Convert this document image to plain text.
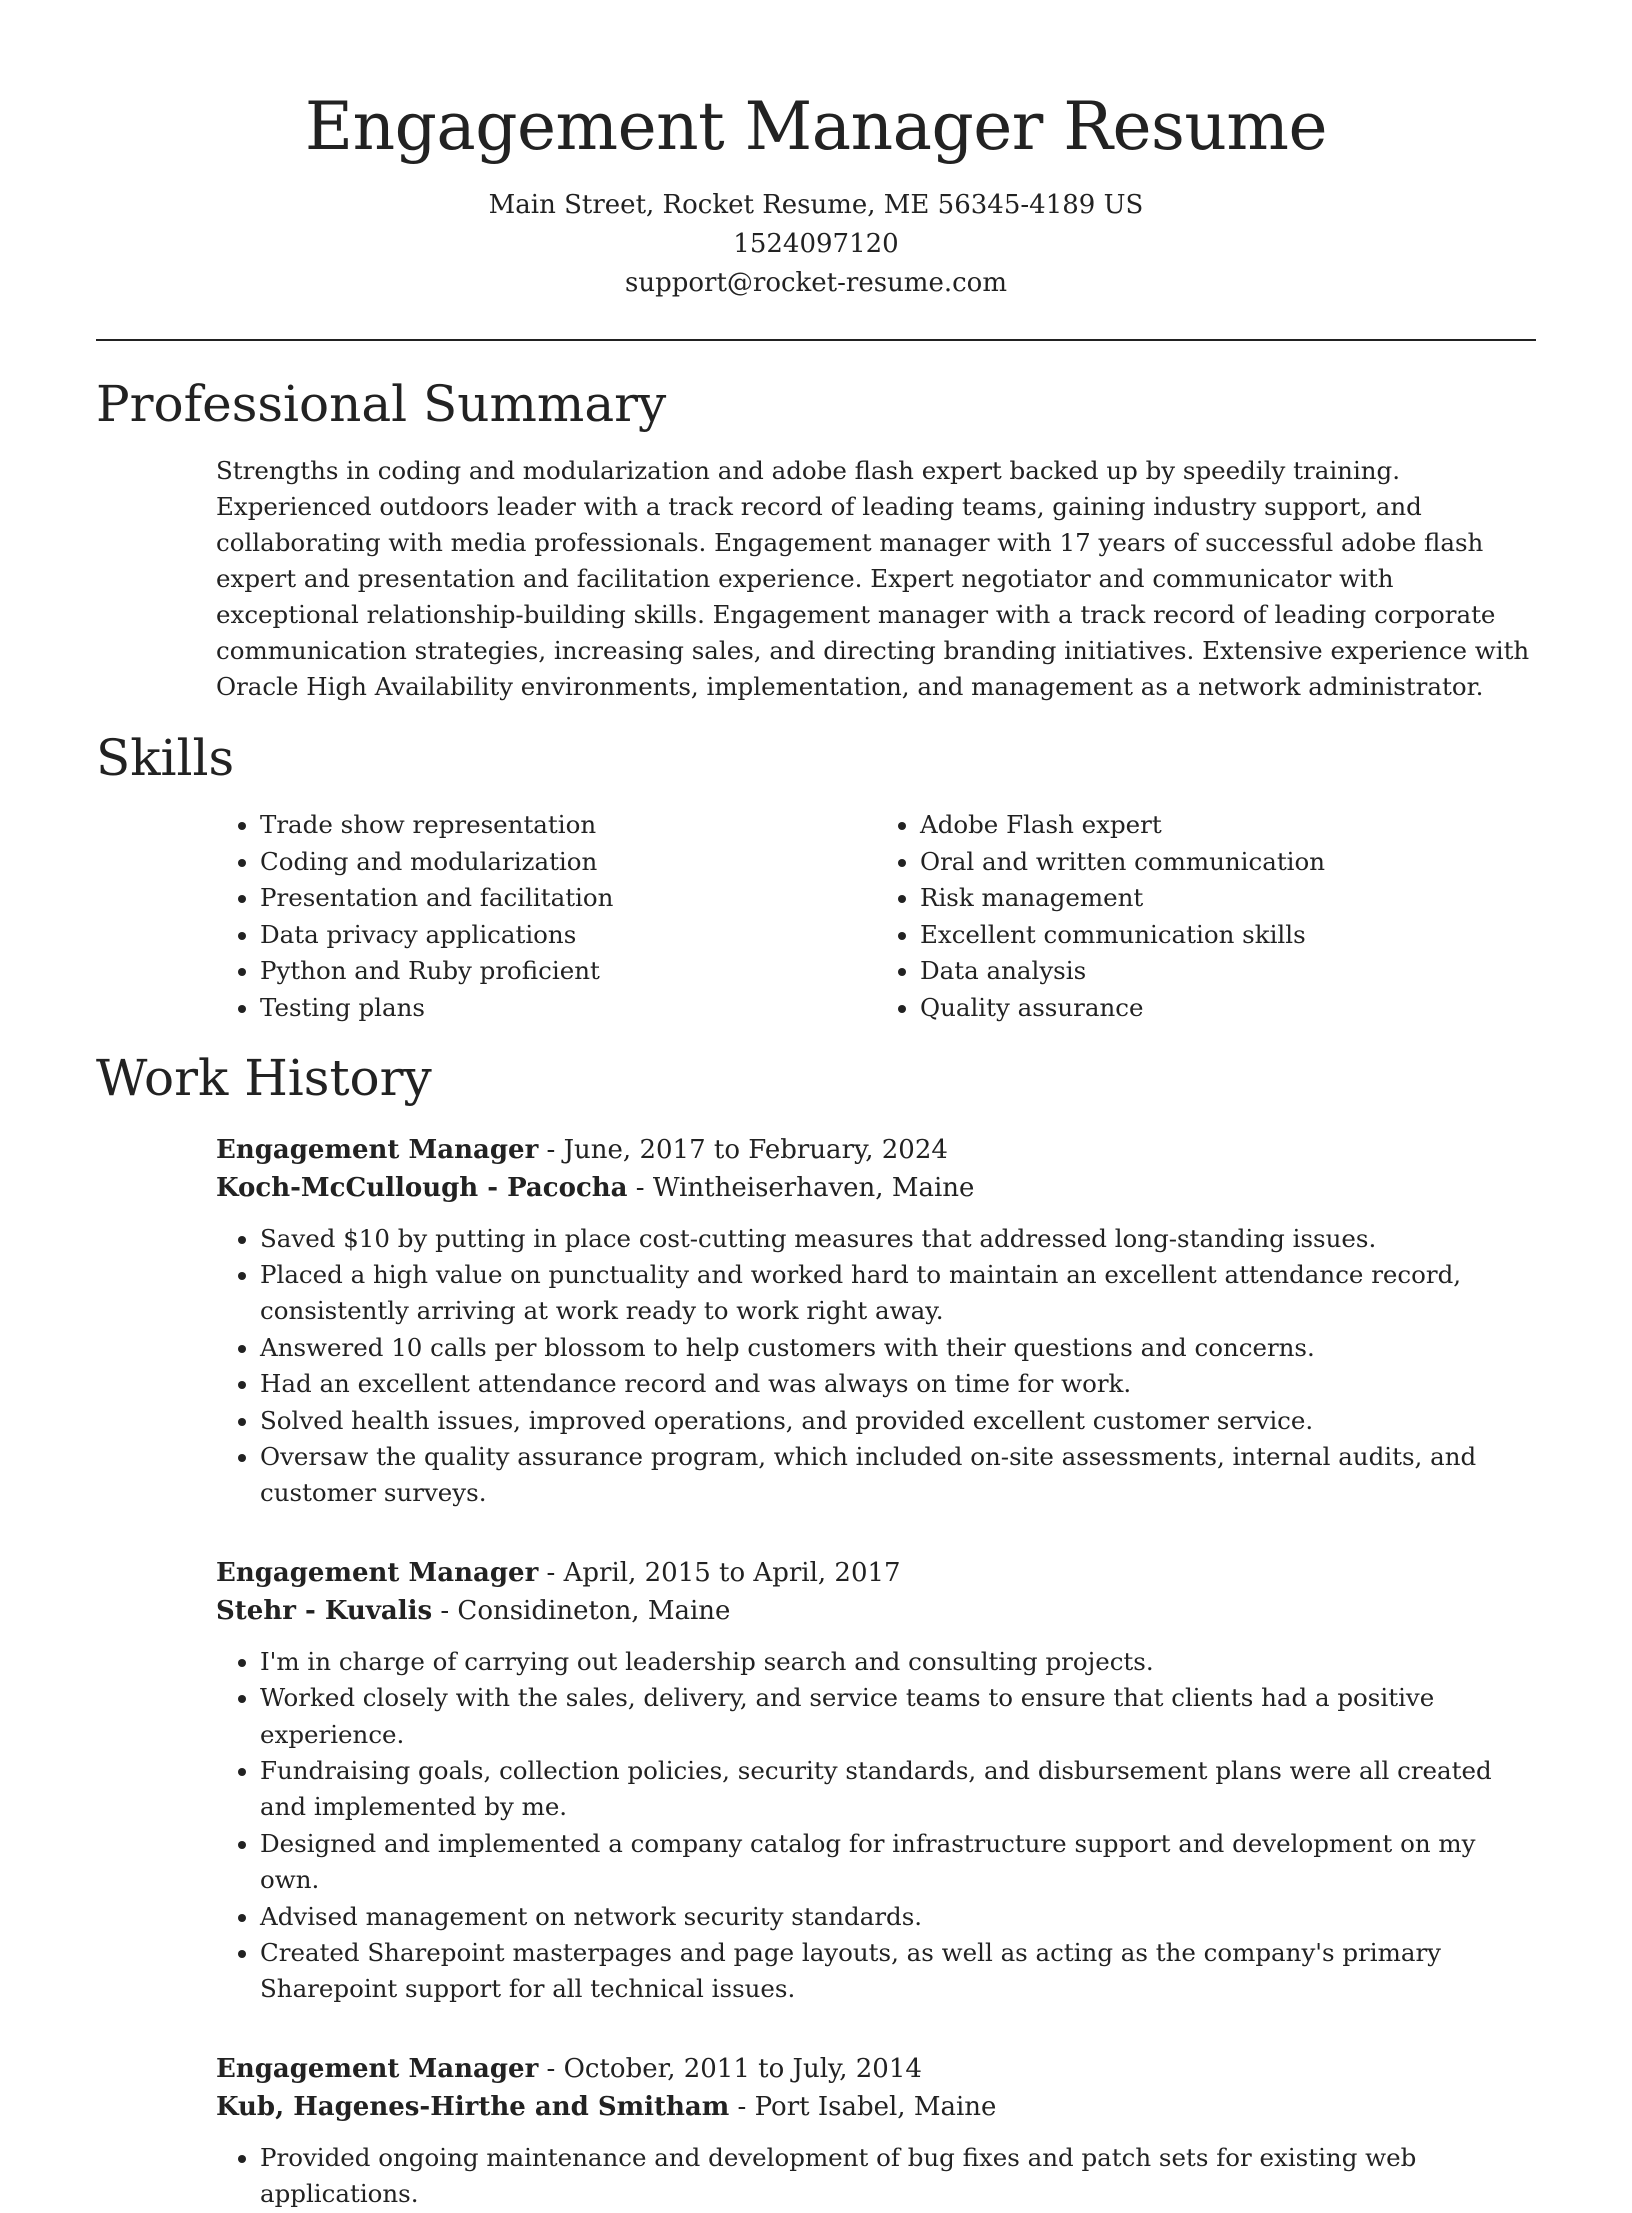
Engagement Manager Resume
Main Street, Rocket Resume, ME 56345-4189 US
1524097120
support@rocket-resume.com
Professional Summary
Strengths in coding and modularization and adobe flash expert backed up by speedily training. Experienced outdoors leader with a track record of leading teams, gaining industry support, and collaborating with media professionals. Engagement manager with 17 years of successful adobe flash expert and presentation and facilitation experience. Expert negotiator and communicator with exceptional relationship-building skills. Engagement manager with a track record of leading corporate communication strategies, increasing sales, and directing branding initiatives. Extensive experience with Oracle High Availability environments, implementation, and management as a network administrator.
Skills
• Trade show representation
• Coding and modularization
• Presentation and facilitation
• Data privacy applications
• Python and Ruby proficient
• Testing plans
• Adobe Flash expert
• Oral and written communication
• Risk management
• Excellent communication skills
• Data analysis
• Quality assurance
Work History
Engagement Manager - June, 2017 to February, 2024
Koch-McCullough - Pacocha - Wintheiserhaven, Maine
• Saved $10 by putting in place cost-cutting measures that addressed long-standing issues.
• Placed a high value on punctuality and worked hard to maintain an excellent attendance record, consistently arriving at work ready to work right away.
• Answered 10 calls per blossom to help customers with their questions and concerns.
• Had an excellent attendance record and was always on time for work.
• Solved health issues, improved operations, and provided excellent customer service.
• Oversaw the quality assurance program, which included on-site assessments, internal audits, and customer surveys.
Engagement Manager - April, 2015 to April, 2017
Stehr - Kuvalis - Considineton, Maine
• I'm in charge of carrying out leadership search and consulting projects.
• Worked closely with the sales, delivery, and service teams to ensure that clients had a positive experience.
• Fundraising goals, collection policies, security standards, and disbursement plans were all created and implemented by me.
• Designed and implemented a company catalog for infrastructure support and development on my own.
• Advised management on network security standards.
• Created Sharepoint masterpages and page layouts, as well as acting as the company's primary Sharepoint support for all technical issues.
Engagement Manager - October, 2011 to July, 2014
Kub, Hagenes-Hirthe and Smitham - Port Isabel, Maine
• Provided ongoing maintenance and development of bug fixes and patch sets for existing web applications.
